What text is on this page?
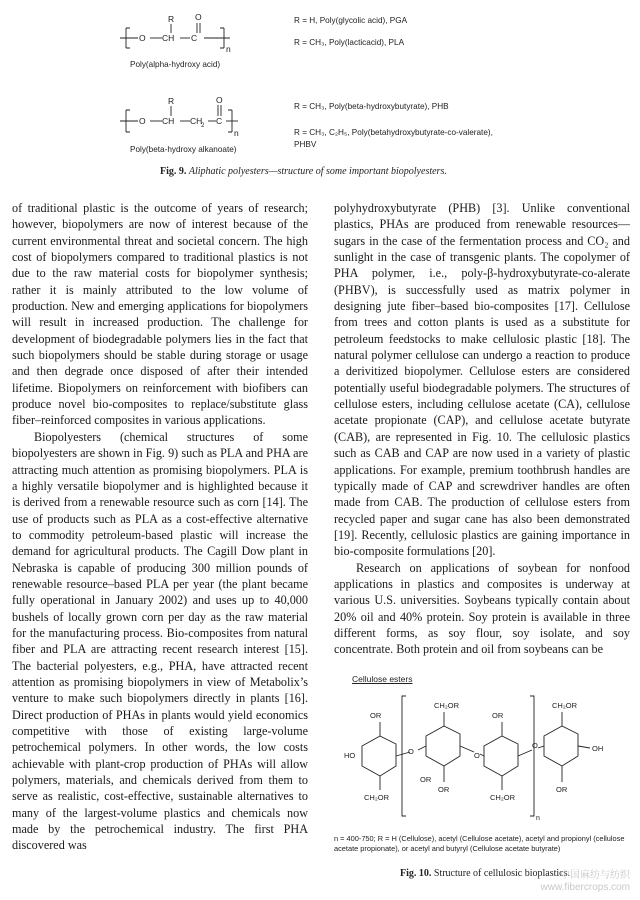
O CH C
R O
n
O CH CH
2 C
R	O
n
Poly(alpha-hydroxy acid)
Poly(beta-hydroxy alkanoate)
R = H, Poly(glycolic acid), PGA
R = CH₃, Poly(lacticacid), PLA
R = CH₃, Poly(beta-hydroxybutyrate), PHB
R = CH₃, C₂H₅, Poly(betahydroxybutyrate-co-valerate),
PHBV
Fig. 9. Aliphatic polyesters—structure of some important biopolyesters.

of traditional plastic is the outcome of years of research; however, biopolymers are now of interest because of the current environmental threat and societal concern. The high cost of biopolymers compared to traditional plastics is not due to the raw material costs for biopolymer synthesis; rather it is mainly attributed to the low volume of production. New and emerging applications for biopolymers will result in increased production. The challenge for development of biodegradable polymers lies in the fact that such biopolymers should be stable during storage or usage and then degrade once disposed of after their intended lifetime. Biopolymers on reinforcement with biofibers can produce novel bio-composites to replace/substitute glass fiber–reinforced composites in various applications.

Biopolyesters (chemical structures of some biopolyesters are shown in Fig. 9) such as PLA and PHA are attracting much attention as promising biopolymers. PLA is a highly versatile biopolymer and is highlighted because it is derived from a renewable resource such as corn [14]. The use of products such as PLA as a cost-effective alternative to commodity petroleum-based plastic will increase the demand for agricultural products. The Cagill Dow plant in Nebraska is capable of producing 300 million pounds of renewable resource–based PLA per year (the plant became fully operational in January 2002) and uses up to 40,000 bushels of locally grown corn per day as the raw material for the manufacturing process. Bio-composites from natural fiber and PLA are attracting recent research interest [15]. The bacterial polyesters, e.g., PHA, have attracted recent attention as promising biopolymers in view of Metabolix’s venture to make such biopolymers directly in plants [16]. Direct production of PHAs in plants would yield economics competitive with those of existing large-volume petrochemical polymers. In other words, the low costs achievable with plant-crop production of PHAs will allow polymers, materials, and chemicals derived from them to serve as realistic, cost-effective, sustainable alternatives to many of the largest-volume plastics and chemicals now made by the petrochemical industry. The first PHA discovered was

polyhydroxybutyrate (PHB) [3]. Unlike conventional plastics, PHAs are produced from renewable resources—sugars in the case of the fermentation process and CO₂ and sunlight in the case of transgenic plants. The copolymer of PHA polymer, i.e., poly-β-hydroxybutyrate-co-alerate (PHBV), is successfully used as matrix polymer in designing jute fiber–based bio-composites [17]. Cellulose from trees and cotton plants is used as a substitute for petroleum feedstocks to make cellulosic plastic [18]. The natural polymer cellulose can undergo a reaction to produce a derivitized biopolymer. Cellulose esters are considered potentially useful biodegradable polymers. The structures of cellulose esters, including cellulose acetate (CA), cellulose acetate propionate (CAP), and cellulose acetate butyrate (CAB), are represented in Fig. 10. The cellulosic plastics such as CAB and CAP are now used in a variety of plastic applications. For example, premium toothbrush handles are typically made of CAP and screwdriver handles are often made from CAB. The production of cellulose esters from recycled paper and sugar cane has also been demonstrated [19]. Recently, cellulosic plastics are gaining importance in bio-composite formulations [20].

Research on applications of soybean for nonfood applications in plastics and composites is underway at various U.S. universities. Soybeans typically contain about 20% oil and 40% protein. Soy protein is available in three different forms, as soy flour, soy isolate, and soy concentrate. Both protein and oil from soybeans can be

Cellulose esters
HO
OR
CH₂OR
O
CH₂OR
OR
OR
O
OR
CH₂OR
O
CH₂OR
OR
OH
n
n = 400-750; R = H (Cellulose), acetyl (Cellulose acetate), acetyl and propionyl (cellulose acetate propionate), or acetyl and butyryl (Cellulose acetate butyrate)
Fig. 10. Structure of cellulosic bioplastics.
中国麻纺与纺织
www.fibercrops.com
